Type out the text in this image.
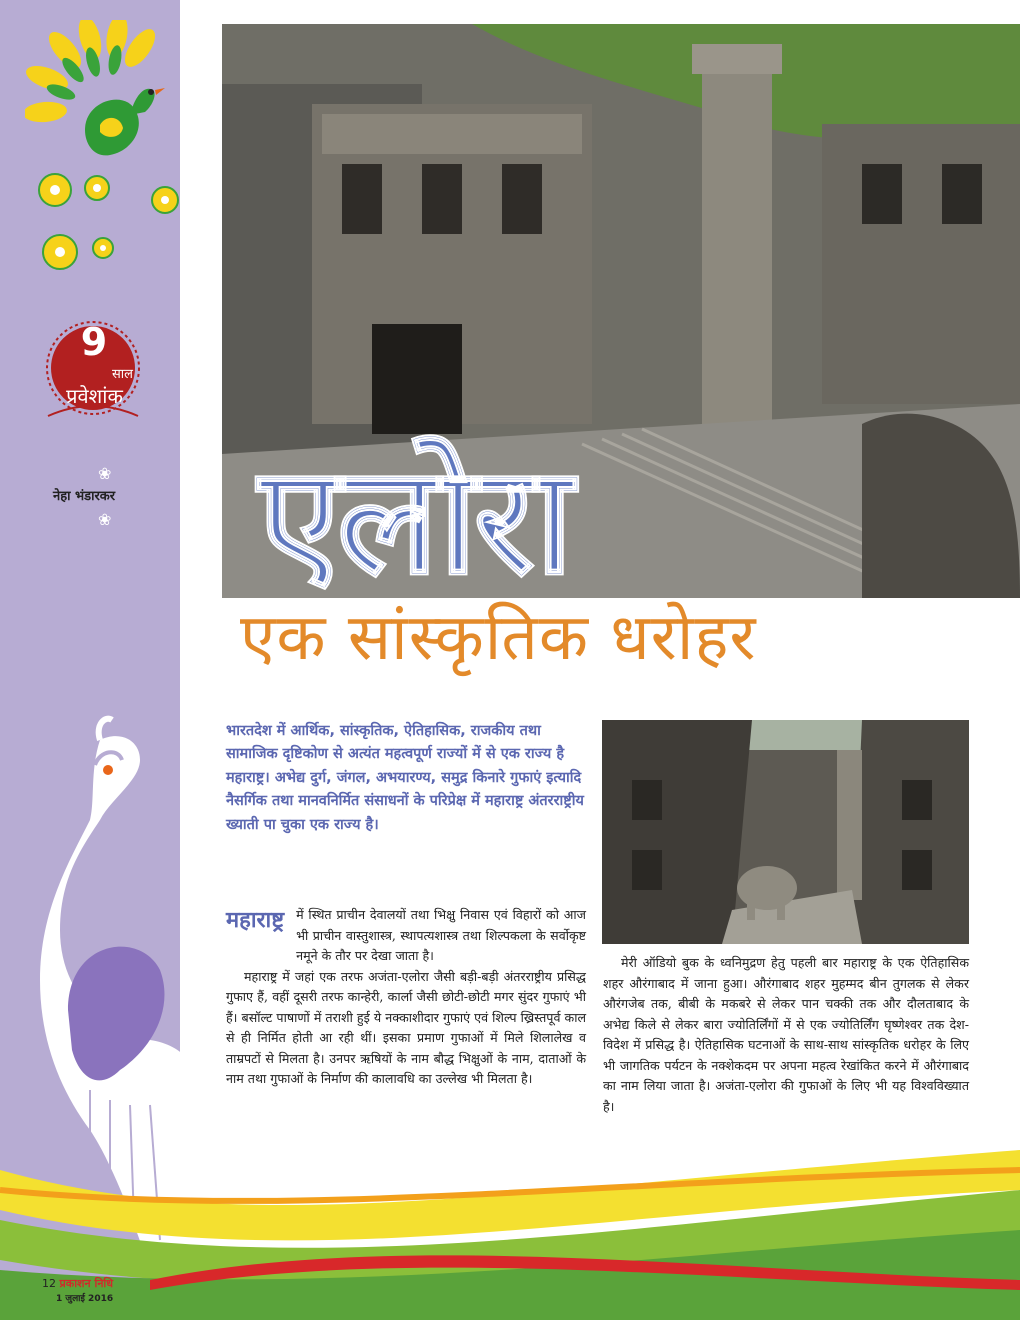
9
साल
प्रवेशांक
❀
नेहा भंडारकर
❀ एलोरा
एक सांस्कृतिक धरोहर
भारतदेश में आर्थिक, सांस्कृतिक, ऐतिहासिक, राजकीय तथा सामाजिक दृष्टिकोण से अत्यंत महत्वपूर्ण राज्यों में से एक राज्य है महाराष्ट्र। अभेद्य दुर्ग, जंगल, अभयारण्य, समुद्र किनारे गुफाएं इत्यादि नैसर्गिक तथा मानवनिर्मित संसाधनों के परिप्रेक्ष में महाराष्ट्र अंतरराष्ट्रीय ख्याती पा चुका एक राज्य है।
महाराष्ट्र में स्थित प्राचीन देवालयों तथा भिक्षु निवास एवं विहारों को आज भी प्राचीन वास्तुशास्त्र, स्थापत्यशास्त्र तथा शिल्पकला के सर्वोकृष्ट नमूने के तौर पर देखा जाता है।

महाराष्ट्र में जहां एक तरफ अजंता-एलोरा जैसी बड़ी-बड़ी अंतरराष्ट्रीय प्रसिद्ध गुफाए हैं, वहीं दूसरी तरफ कान्हेरी, कार्ला जैसी छोटी-छोटी मगर सुंदर गुफाएं भी हैं। बसॉल्ट पाषाणों में तराशी हुई ये नक्काशीदार गुफाएं एवं शिल्प ख्रिस्तपूर्व काल से ही निर्मित होती आ रही थीं। इसका प्रमाण गुफाओं में मिले शिलालेख व ताम्रपटों से मिलता है। उनपर ऋषियों के नाम बौद्ध भिक्षुओं के नाम, दाताओं के नाम तथा गुफाओं के निर्माण की कालावधि का उल्लेख भी मिलता है।

मेरी ऑडियो बुक के ध्वनिमुद्रण हेतु पहली बार महाराष्ट्र के एक ऐतिहासिक शहर औरंगाबाद में जाना हुआ। औरंगाबाद शहर मुहम्मद बीन तुगलक से लेकर औरंगजेब तक, बीबी के मकबरे से लेकर पान चक्की तक और दौलताबाद के अभेद्य किले से लेकर बारा ज्योतिर्लिंगों में से एक ज्योतिर्लिंग घृष्णेश्वर तक देश-विदेश में प्रसिद्ध है। ऐतिहासिक घटनाओं के साथ-साथ सांस्कृतिक धरोहर के लिए भी जागतिक पर्यटन के नक्शेकदम पर अपना महत्व रेखांकित करने में औरंगाबाद का नाम लिया जाता है। अजंता-एलोरा की गुफाओं के लिए भी यह विश्वविख्यात है।

12 प्रकाशन निधि
1 जुलाई 2016
